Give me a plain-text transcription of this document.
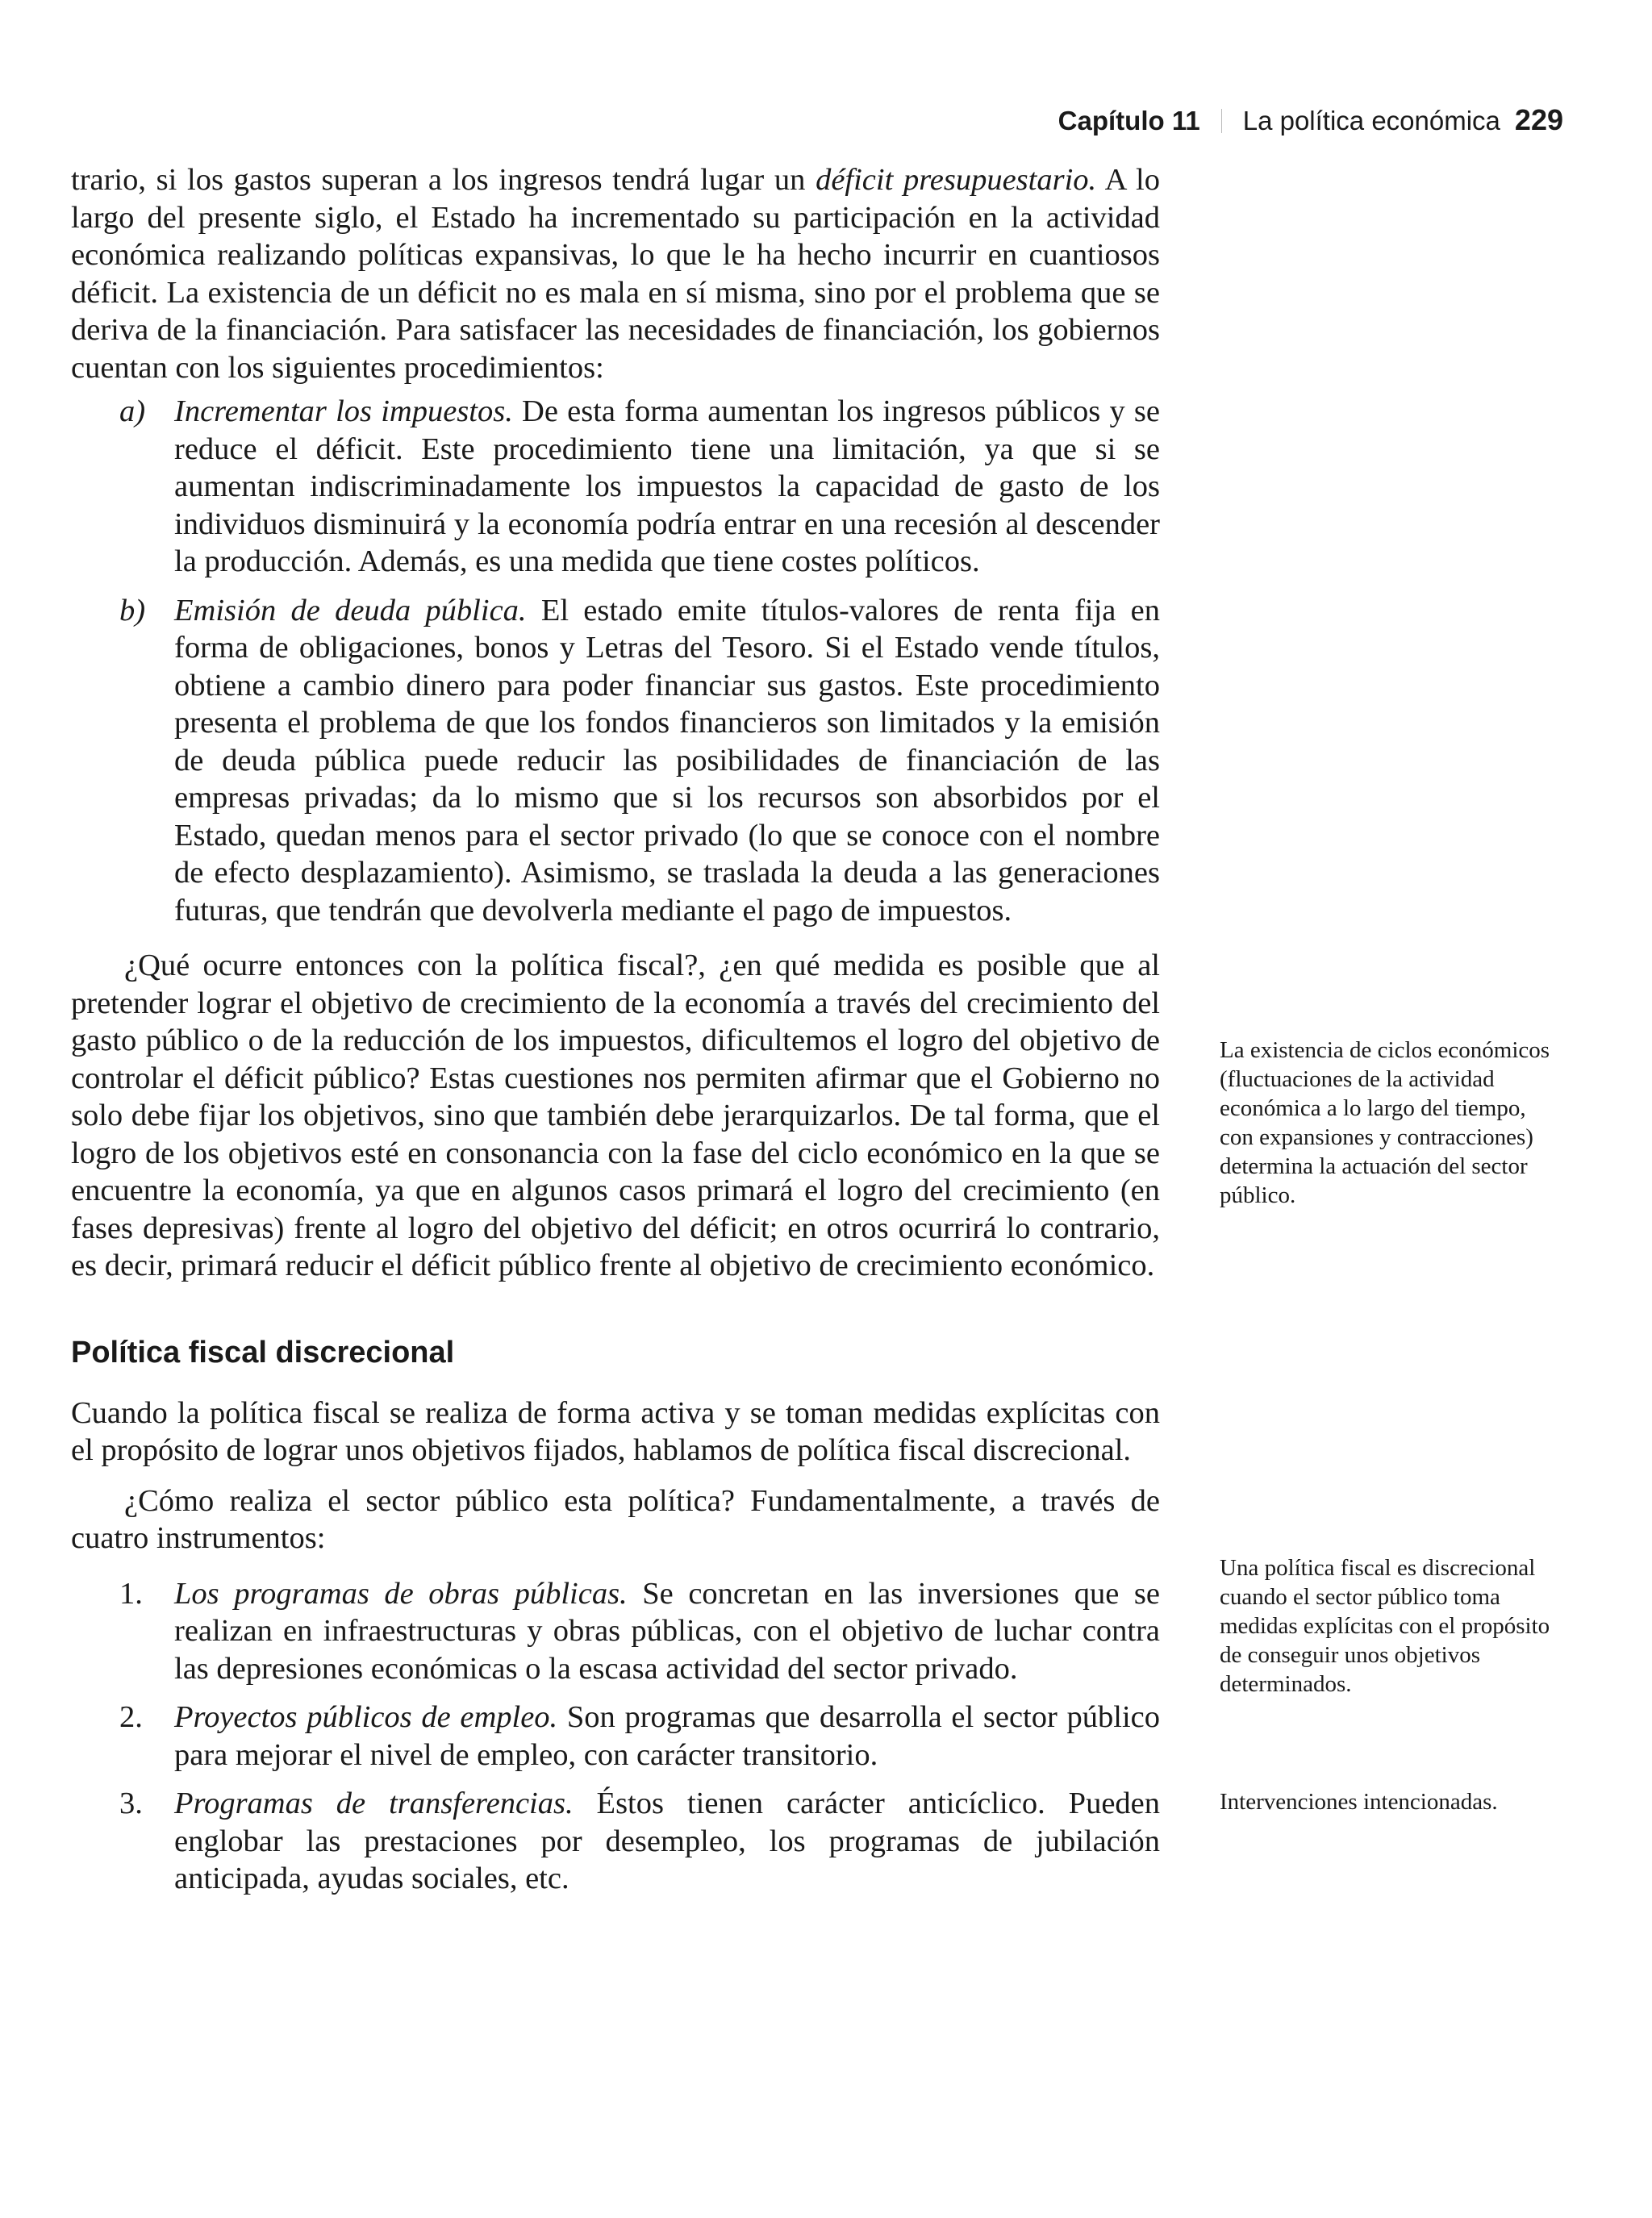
Capítulo 11 La política económica 229

trario, si los gastos superan a los ingresos tendrá lugar un déficit presupuestario. A lo largo del presente siglo, el Estado ha incrementado su participación en la actividad económica realizando políticas expansivas, lo que le ha hecho incurrir en cuantiosos déficit. La existencia de un déficit no es mala en sí misma, sino por el problema que se deriva de la financiación. Para satisfacer las necesidades de financiación, los gobiernos cuentan con los siguientes procedimientos:

a) Incrementar los impuestos. De esta forma aumentan los ingresos públicos y se reduce el déficit. Este procedimiento tiene una limitación, ya que si se aumentan indiscriminadamente los impuestos la capacidad de gasto de los individuos disminuirá y la economía podría entrar en una recesión al descender la producción. Además, es una medida que tiene costes políticos.
b) Emisión de deuda pública. El estado emite títulos-valores de renta fija en forma de obligaciones, bonos y Letras del Tesoro. Si el Estado vende títulos, obtiene a cambio dinero para poder financiar sus gastos. Este procedimiento presenta el problema de que los fondos financieros son limitados y la emisión de deuda pública puede reducir las posibilidades de financiación de las empresas privadas; da lo mismo que si los recursos son absorbidos por el Estado, quedan menos para el sector privado (lo que se conoce con el nombre de efecto desplazamiento). Asimismo, se traslada la deuda a las generaciones futuras, que tendrán que devolverla mediante el pago de impuestos.

¿Qué ocurre entonces con la política fiscal?, ¿en qué medida es posible que al pretender lograr el objetivo de crecimiento de la economía a través del crecimiento del gasto público o de la reducción de los impuestos, dificultemos el logro del objetivo de controlar el déficit público? Estas cuestiones nos permiten afirmar que el Gobierno no solo debe fijar los objetivos, sino que también debe jerarquizarlos. De tal forma, que el logro de los objetivos esté en consonancia con la fase del ciclo económico en la que se encuentre la economía, ya que en algunos casos primará el logro del crecimiento (en fases depresivas) frente al logro del objetivo del déficit; en otros ocurrirá lo contrario, es decir, primará reducir el déficit público frente al objetivo de crecimiento económico.

Política fiscal discrecional

Cuando la política fiscal se realiza de forma activa y se toman medidas explícitas con el propósito de lograr unos objetivos fijados, hablamos de política fiscal discrecional.

¿Cómo realiza el sector público esta política? Fundamentalmente, a través de cuatro instrumentos:

1. Los programas de obras públicas. Se concretan en las inversiones que se realizan en infraestructuras y obras públicas, con el objetivo de luchar contra las depresiones económicas o la escasa actividad del sector privado.
2. Proyectos públicos de empleo. Son programas que desarrolla el sector público para mejorar el nivel de empleo, con carácter transitorio.
3. Programas de transferencias. Éstos tienen carácter anticíclico. Pueden englobar las prestaciones por desempleo, los programas de jubilación anticipada, ayudas sociales, etc.

La existencia de ciclos económicos (fluctuaciones de la actividad económica a lo largo del tiempo, con expansiones y contracciones) determina la actuación del sector público.

Una política fiscal es discrecional cuando el sector público toma medidas explícitas con el propósito de conseguir unos objetivos determinados.

Intervenciones intencionadas.
